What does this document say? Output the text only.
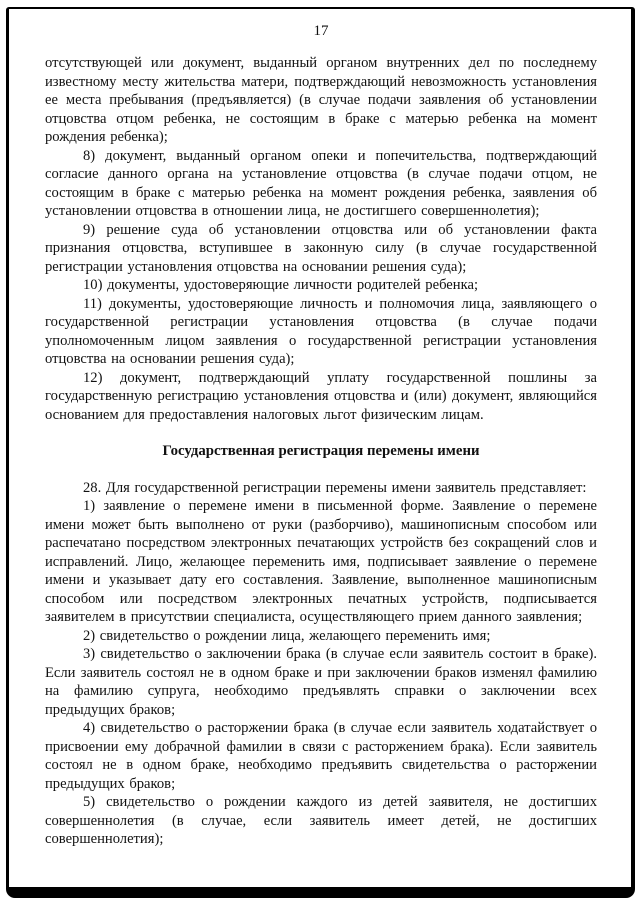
17

отсутствующей или документ, выданный органом внутренних дел по последнему известному месту жительства матери, подтверждающий невозможность установления ее места пребывания (предъявляется) (в случае подачи заявления об установлении отцовства отцом ребенка, не состоящим в браке с матерью ребенка на момент рождения ребенка);

8) документ, выданный органом опеки и попечительства, подтверждающий согласие данного органа на установление отцовства (в случае подачи отцом, не состоящим в браке с матерью ребенка на момент рождения ребенка, заявления об установлении отцовства в отношении лица, не достигшего совершеннолетия);

9) решение суда об установлении отцовства или об установлении факта признания отцовства, вступившее в законную силу (в случае государственной регистрации установления отцовства на основании решения суда);

10) документы, удостоверяющие личности родителей ребенка;

11) документы, удостоверяющие личность и полномочия лица, заявляющего о государственной регистрации установления отцовства (в случае подачи уполномоченным лицом заявления о государственной регистрации установления отцовства на основании решения суда);

12) документ, подтверждающий уплату государственной пошлины за государственную регистрацию установления отцовства и (или) документ, являющийся основанием для предоставления налоговых льгот физическим лицам.

Государственная регистрация перемены имени

28. Для государственной регистрации перемены имени заявитель представляет:

1) заявление о перемене имени в письменной форме. Заявление о перемене имени может быть выполнено от руки (разборчиво), машинописным способом или распечатано посредством электронных печатающих устройств без сокращений слов и исправлений. Лицо, желающее переменить имя, подписывает заявление о перемене имени и указывает дату его составления. Заявление, выполненное машинописным способом или посредством электронных печатных устройств, подписывается заявителем в присутствии специалиста, осуществляющего прием данного заявления;

2) свидетельство о рождении лица, желающего переменить имя;

3) свидетельство о заключении брака (в случае если заявитель состоит в браке). Если заявитель состоял не в одном браке и при заключении браков изменял фамилию на фамилию супруга, необходимо предъявлять справки о заключении всех предыдущих браков;

4) свидетельство о расторжении брака (в случае если заявитель ходатайствует о присвоении ему добрачной фамилии в связи с расторжением брака). Если заявитель состоял не в одном браке, необходимо предъявить свидетельства о расторжении предыдущих браков;

5) свидетельство о рождении каждого из детей заявителя, не достигших совершеннолетия (в случае, если заявитель имеет детей, не достигших совершеннолетия);
